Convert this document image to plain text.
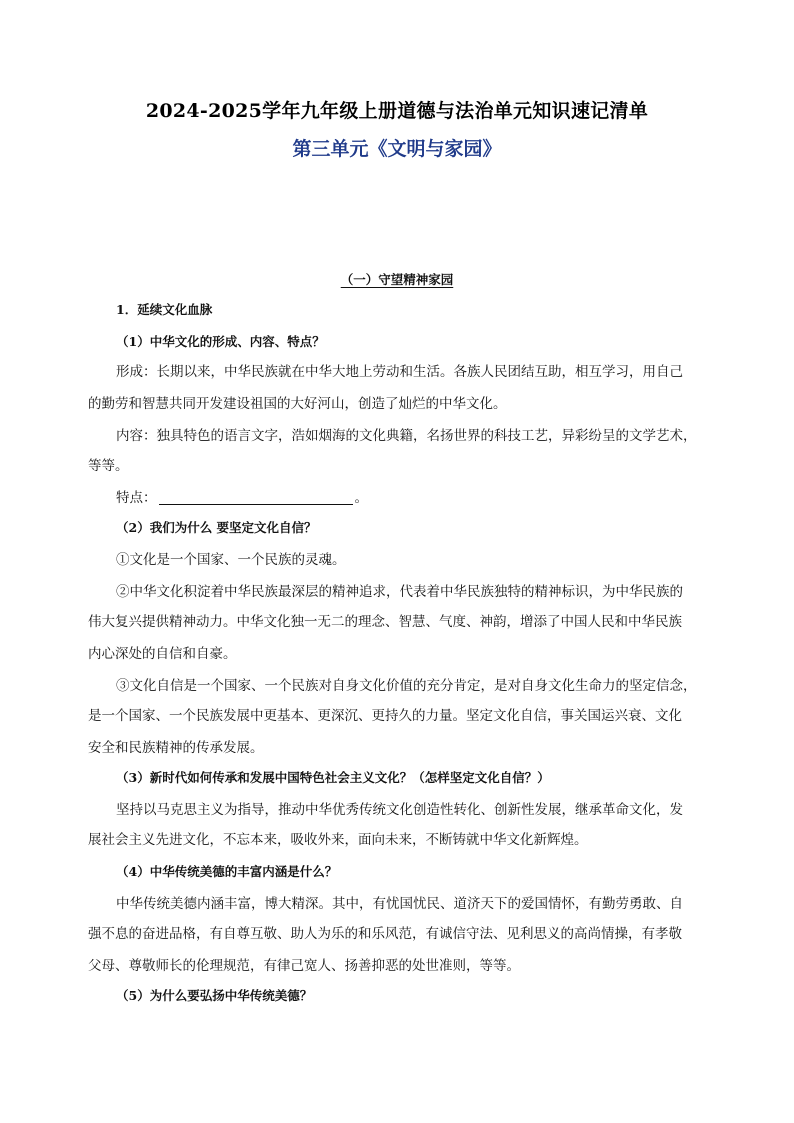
2024-2025学年九年级上册道德与法治单元知识速记清单
第三单元《文明与家园》
（一）守望精神家园
1．延续文化血脉
（1）中华文化的形成、内容、特点？
形成：长期以来，中华民族就在中华大地上劳动和生活。各族人民团结互助，相互学习，用自己
的勤劳和智慧共同开发建设祖国的大好河山，创造了灿烂的中华文化。
内容：独具特色的语言文字，浩如烟海的文化典籍，名扬世界的科技工艺，异彩纷呈的文学艺术，
等等。
特点：	。
（2）我们为什么 要坚定文化自信？
①文化是一个国家、一个民族的灵魂。
②中华文化积淀着中华民族最深层的精神追求，代表着中华民族独特的精神标识，为中华民族的
伟大复兴提供精神动力。中华文化独一无二的理念、智慧、气度、神韵，增添了中国人民和中华民族
内心深处的自信和自豪。
③文化自信是一个国家、一个民族对自身文化价值的充分肯定，是对自身文化生命力的坚定信念，
是一个国家、一个民族发展中更基本、更深沉、更持久的力量。坚定文化自信，事关国运兴衰、文化
安全和民族精神的传承发展。
（3）新时代如何传承和发展中国特色社会主义文化？（怎样坚定文化自信？）
坚持以马克思主义为指导，推动中华优秀传统文化创造性转化、创新性发展，继承革命文化，发
展社会主义先进文化，不忘本来，吸收外来，面向未来，不断铸就中华文化新辉煌。
（4）中华传统美德的丰富内涵是什么？
中华传统美德内涵丰富，博大精深。其中，有忧国忧民、道济天下的爱国情怀，有勤劳勇敢、自
强不息的奋进品格，有自尊互敬、助人为乐的和乐风范，有诚信守法、见利思义的高尚情操，有孝敬
父母、尊敬师长的伦理规范，有律己宽人、扬善抑恶的处世准则，等等。
（5）为什么要弘扬中华传统美德？
